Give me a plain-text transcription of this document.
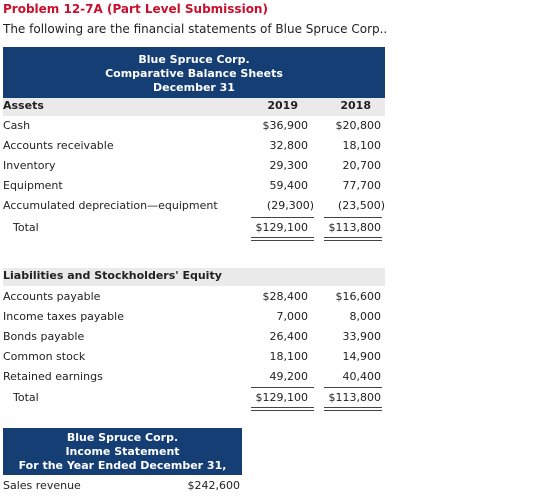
Problem 12-7A (Part Level Submission)
The following are the financial statements of Blue Spruce Corp..
Blue Spruce Corp.
Comparative Balance Sheets
December 31
Assets	2019	2018
Cash	$36,900	$20,800
Accounts receivable	32,800	18,100
Inventory	29,300	20,700
Equipment	59,400	77,700
Accumulated depreciation—equipment	(29,300) (23,500)
Total	$129,100 $113,800
Liabilities and Stockholders' Equity
Accounts payable	$28,400	$16,600
Income taxes payable	7,000	8,000
Bonds payable	26,400	33,900
Common stock	18,100	14,900
Retained earnings	49,200	40,400
Total	$129,100 $113,800
Blue Spruce Corp.
Income Statement
For the Year Ended December 31, 2019
Sales revenue	$242,600
